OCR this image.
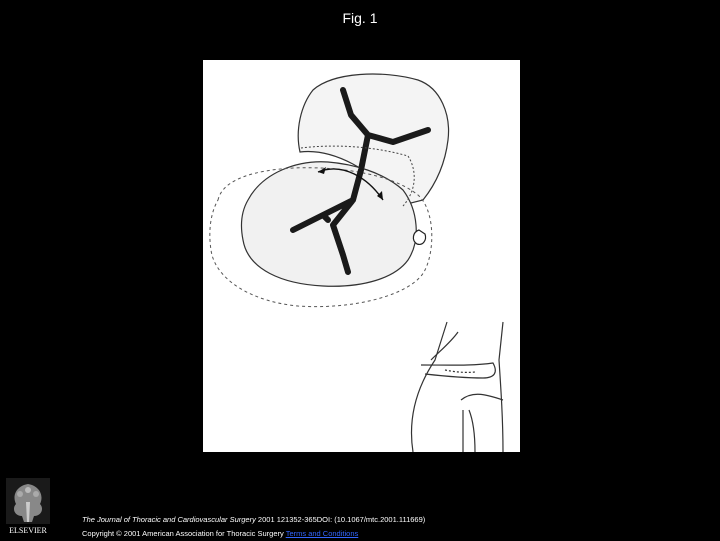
Fig. 1
ELSEVIER
The Journal of Thoracic and Cardiovascular Surgery 2001 121352-365DOI: (10.1067/mtc.2001.111669)
Copyright © 2001 American Association for Thoracic Surgery Terms and Conditions
